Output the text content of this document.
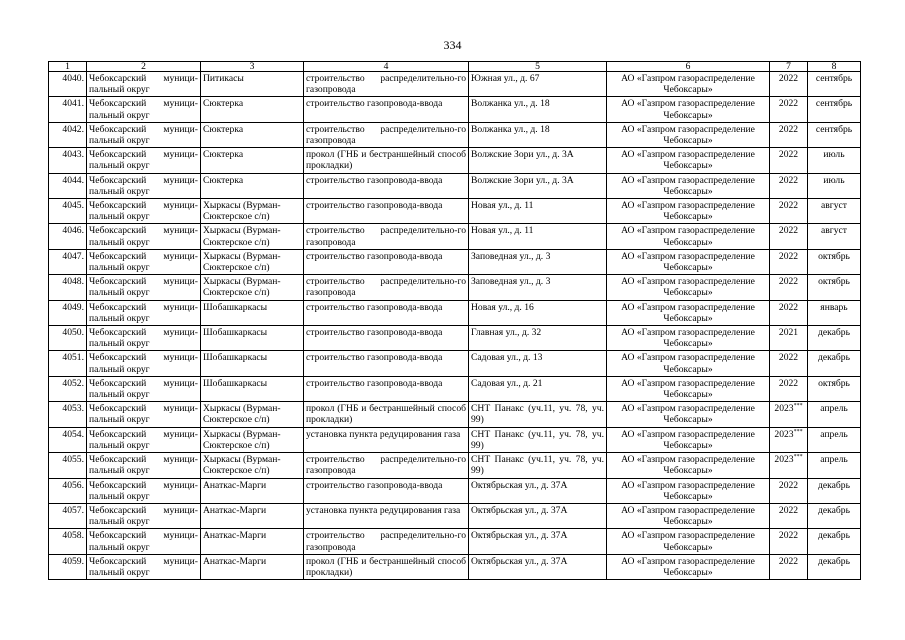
334
1	2	3	4	5	6	7	8
4040.	Чебоксарский муници-пальный округ	Питикасы	строительство распределительно-го газопровода	Южная ул., д. 67	АО «Газпром газораспределение Чебоксары»	2022	сентябрь
4041.	Чебоксарский муници-пальный округ	Сюктерка	строительство газопровода-ввода	Волжанка ул., д. 18	АО «Газпром газораспределение Чебоксары»	2022	сентябрь
4042.	Чебоксарский муници-пальный округ	Сюктерка	строительство распределительно-го газопровода	Волжанка ул., д. 18	АО «Газпром газораспределение Чебоксары»	2022	сентябрь
4043.	Чебоксарский муници-пальный округ	Сюктерка	прокол (ГНБ и бестраншейный способ прокладки)	Волжские Зори ул., д. 3А	АО «Газпром газораспределение Чебоксары»	2022	июль
4044.	Чебоксарский муници-пальный округ	Сюктерка	строительство газопровода-ввода	Волжские Зори ул., д. 3А	АО «Газпром газораспределение Чебоксары»	2022	июль
4045.	Чебоксарский муници-пальный округ	Хыркасы (Вурман-Сюктерское с/п)	строительство газопровода-ввода	Новая ул., д. 11	АО «Газпром газораспределение Чебоксары»	2022	август
4046.	Чебоксарский муници-пальный округ	Хыркасы (Вурман-Сюктерское с/п)	строительство распределительно-го газопровода	Новая ул., д. 11	АО «Газпром газораспределение Чебоксары»	2022	август
4047.	Чебоксарский муници-пальный округ	Хыркасы (Вурман-Сюктерское с/п)	строительство газопровода-ввода	Заповедная ул., д. 3	АО «Газпром газораспределение Чебоксары»	2022	октябрь
4048.	Чебоксарский муници-пальный округ	Хыркасы (Вурман-Сюктерское с/п)	строительство распределительно-го газопровода	Заповедная ул., д. 3	АО «Газпром газораспределение Чебоксары»	2022	октябрь
4049.	Чебоксарский муници-пальный округ	Шобашкаркасы	строительство газопровода-ввода	Новая ул., д. 16	АО «Газпром газораспределение Чебоксары»	2022	январь
4050.	Чебоксарский муници-пальный округ	Шобашкаркасы	строительство газопровода-ввода	Главная ул., д. 32	АО «Газпром газораспределение Чебоксары»	2021	декабрь
4051.	Чебоксарский муници-пальный округ	Шобашкаркасы	строительство газопровода-ввода	Садовая ул., д. 13	АО «Газпром газораспределение Чебоксары»	2022	декабрь
4052.	Чебоксарский муници-пальный округ	Шобашкаркасы	строительство газопровода-ввода	Садовая ул., д. 21	АО «Газпром газораспределение Чебоксары»	2022	октябрь
4053.	Чебоксарский муници-пальный округ	Хыркасы (Вурман-Сюктерское с/п)	прокол (ГНБ и бестраншейный способ прокладки)	СНТ Панакс (уч.11, уч. 78, уч. 99)	АО «Газпром газораспределение Чебоксары»	2023***	апрель
4054.	Чебоксарский муници-пальный округ	Хыркасы (Вурман-Сюктерское с/п)	установка пункта редуцирования газа	СНТ Панакс (уч.11, уч. 78, уч. 99)	АО «Газпром газораспределение Чебоксары»	2023***	апрель
4055.	Чебоксарский муници-пальный округ	Хыркасы (Вурман-Сюктерское с/п)	строительство распределительно-го газопровода	СНТ Панакс (уч.11, уч. 78, уч. 99)	АО «Газпром газораспределение Чебоксары»	2023***	апрель
4056.	Чебоксарский муници-пальный округ	Анаткас-Марги	строительство газопровода-ввода	Октябрьская ул., д. 37А	АО «Газпром газораспределение Чебоксары»	2022	декабрь
4057.	Чебоксарский муници-пальный округ	Анаткас-Марги	установка пункта редуцирования газа	Октябрьская ул., д. 37А	АО «Газпром газораспределение Чебоксары»	2022	декабрь
4058.	Чебоксарский муници-пальный округ	Анаткас-Марги	строительство распределительно-го газопровода	Октябрьская ул., д. 37А	АО «Газпром газораспределение Чебоксары»	2022	декабрь
4059.	Чебоксарский муници-пальный округ	Анаткас-Марги	прокол (ГНБ и бестраншейный способ прокладки)	Октябрьская ул., д. 37А	АО «Газпром газораспределение Чебоксары»	2022	декабрь
